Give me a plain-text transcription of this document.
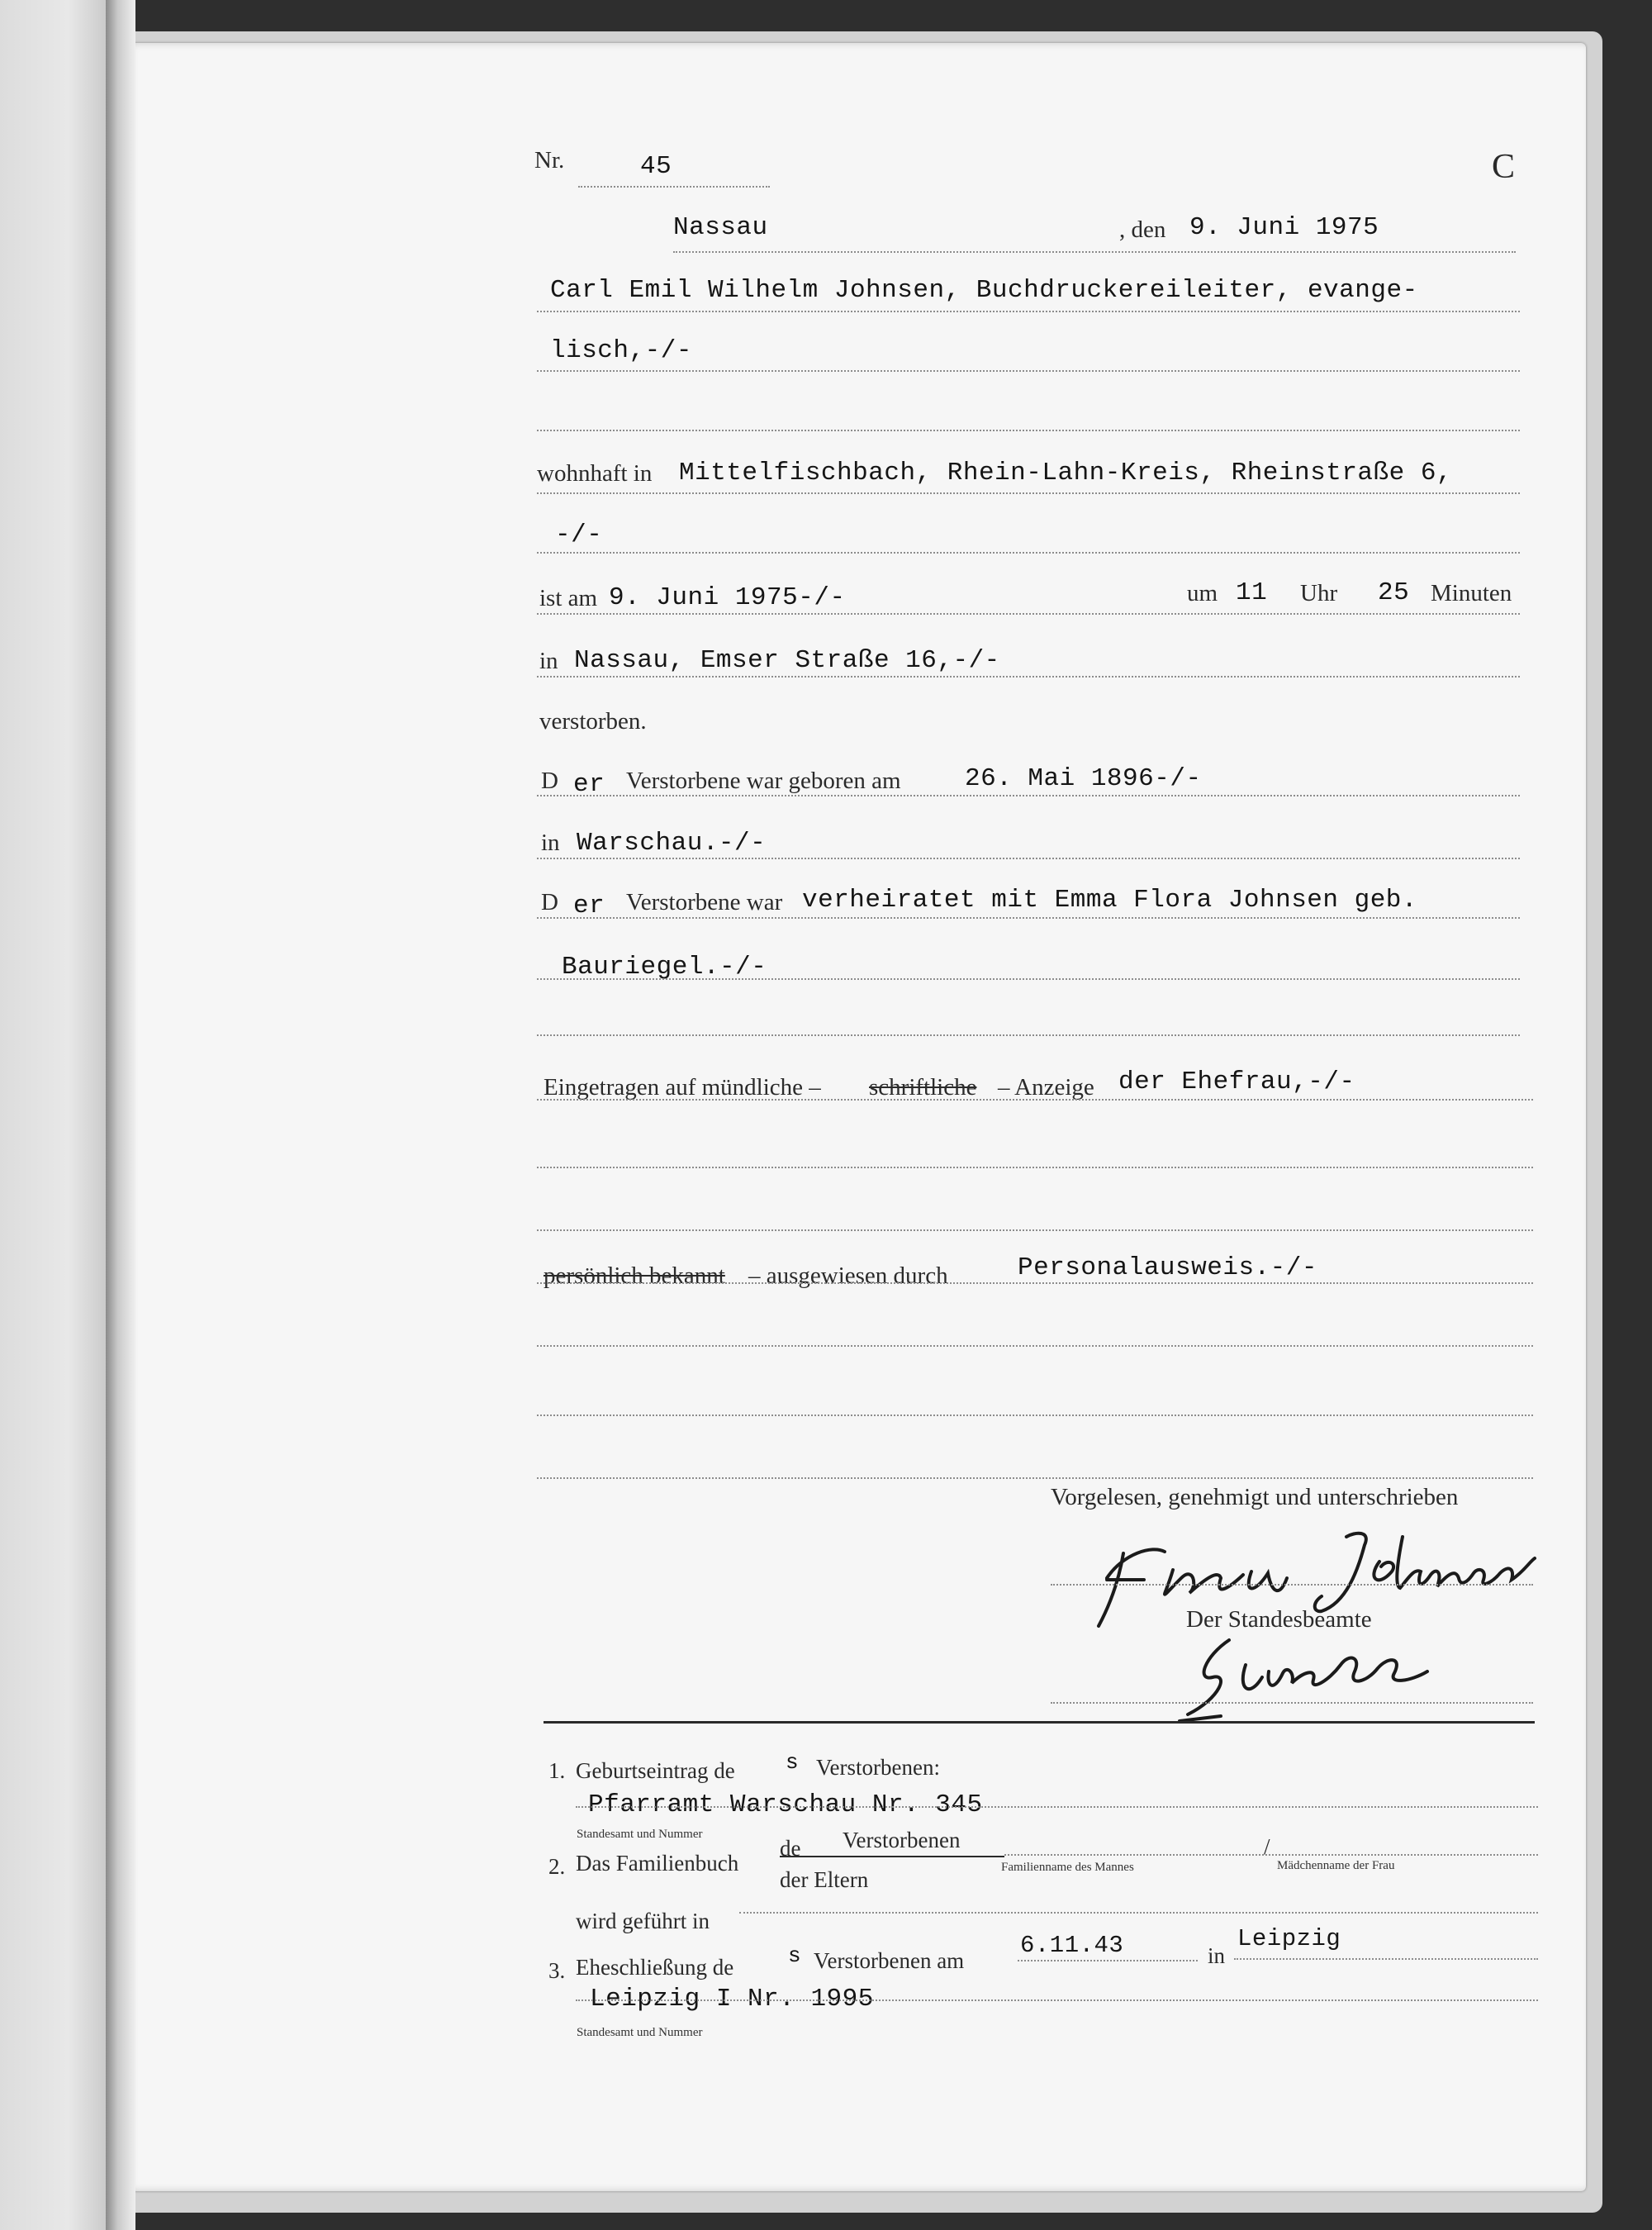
Nr.	45	C
Nassau	, den 9. Juni 1975
Carl Emil Wilhelm Johnsen, Buchdruckereileiter, evange-
lisch,-/-
wohnhaft in Mittelfischbach, Rhein-Lahn-Kreis, Rheinstraße 6,
-/-
ist am 9. Juni 1975-/-	um 11 Uhr 25 Minuten
in Nassau, Emser Straße 16,-/-
verstorben.
D er Verstorbene war geboren am 26. Mai 1896-/-
in Warschau.-/-
D er Verstorbene war verheiratet mit Emma Flora Johnsen geb.
Bauriegel.-/-
Eingetragen auf mündliche – schriftliche – Anzeige der Ehefrau,-/-
persönlich bekannt – ausgewiesen durch	Personalausweis.-/-
Vorgelesen, genehmigt und unterschrieben
Der Standesbeamte
1. Geburtseintrag de s Verstorbenen:
Pfarramt Warschau Nr. 345
Standesamt und Nummer
2. Das Familienbuch
de Verstorbenen
der Eltern	Familienname des Mannes
/
Mädchenname der Frau
wird geführt in
3. Eheschließung de	s Verstorbenen am
6.11.43	in
Leipzig
Leipzig I Nr. 1995
Standesamt und Nummer
